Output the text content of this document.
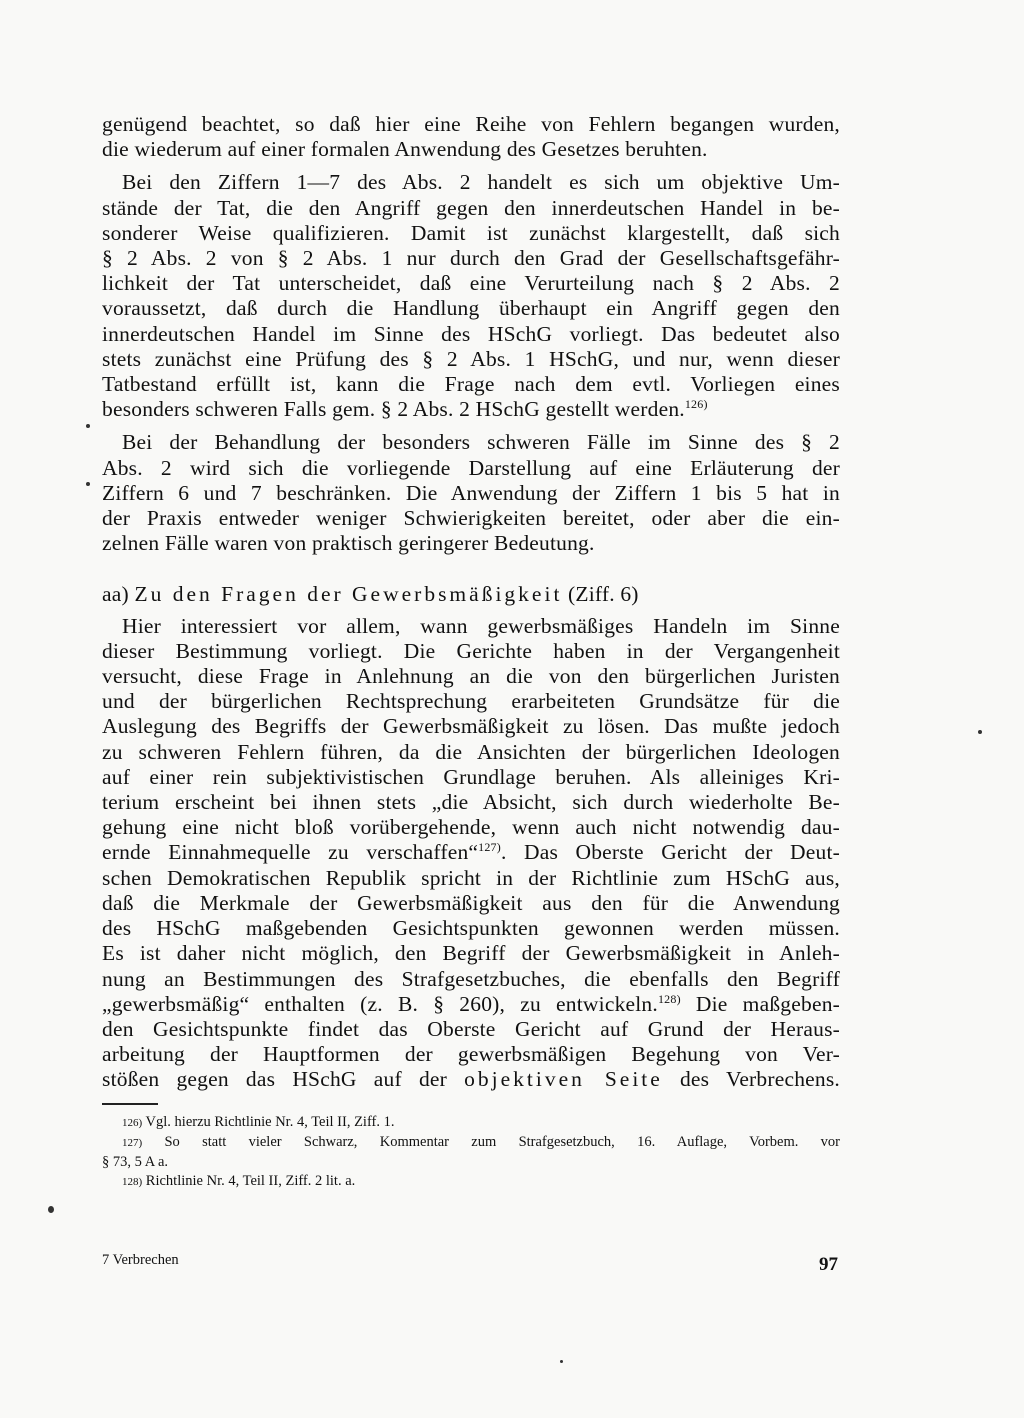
genügend beachtet, so daß hier eine Reihe von Fehlern begangen wurden,
die wiederum auf einer formalen Anwendung des Gesetzes beruhten.

Bei den Ziffern 1—7 des Abs. 2 handelt es sich um objektive Um-
stände der Tat, die den Angriff gegen den innerdeutschen Handel in be-
sonderer Weise qualifizieren. Damit ist zunächst klargestellt, daß sich
§ 2 Abs. 2 von § 2 Abs. 1 nur durch den Grad der Gesellschaftsgefähr-
lichkeit der Tat unterscheidet, daß eine Verurteilung nach § 2 Abs. 2
voraussetzt, daß durch die Handlung überhaupt ein Angriff gegen den
innerdeutschen Handel im Sinne des HSchG vorliegt. Das bedeutet also
stets zunächst eine Prüfung des § 2 Abs. 1 HSchG, und nur, wenn dieser
Tatbestand erfüllt ist, kann die Frage nach dem evtl. Vorliegen eines
besonders schweren Falls gem. § 2 Abs. 2 HSchG gestellt werden.$^{126)}$

Bei der Behandlung der besonders schweren Fälle im Sinne des § 2
Abs. 2 wird sich die vorliegende Darstellung auf eine Erläuterung der
Ziffern 6 und 7 beschränken. Die Anwendung der Ziffern 1 bis 5 hat in
der Praxis entweder weniger Schwierigkeiten bereitet, oder aber die ein-
zelnen Fälle waren von praktisch geringerer Bedeutung.

aa) Zu den Fragen der Gewerbsmäßigkeit (Ziff. 6)

Hier interessiert vor allem, wann gewerbsmäßiges Handeln im Sinne
dieser Bestimmung vorliegt. Die Gerichte haben in der Vergangenheit
versucht, diese Frage in Anlehnung an die von den bürgerlichen Juristen
und der bürgerlichen Rechtsprechung erarbeiteten Grundsätze für die
Auslegung des Begriffs der Gewerbsmäßigkeit zu lösen. Das mußte jedoch
zu schweren Fehlern führen, da die Ansichten der bürgerlichen Ideologen
auf einer rein subjektivistischen Grundlage beruhen. Als alleiniges Kri-
terium erscheint bei ihnen stets „die Absicht, sich durch wiederholte Be-
gehung eine nicht bloß vorübergehende, wenn auch nicht notwendig dau-
ernde Einnahmequelle zu verschaffen“$^{127)}$. Das Oberste Gericht der Deut-
schen Demokratischen Republik spricht in der Richtlinie zum HSchG aus,
daß die Merkmale der Gewerbsmäßigkeit aus den für die Anwendung
des HSchG maßgebenden Gesichtspunkten gewonnen werden müssen.
Es ist daher nicht möglich, den Begriff der Gewerbsmäßigkeit in Anleh-
nung an Bestimmungen des Strafgesetzbuches, die ebenfalls den Begriff
„gewerbsmäßig“ enthalten (z. B. § 260), zu entwickeln.$^{128)}$ Die maßgeben-
den Gesichtspunkte findet das Oberste Gericht auf Grund der Heraus-
arbeitung der Hauptformen der gewerbsmäßigen Begehung von Ver-
stößen gegen das HSchG auf der objektiven Seite des Verbrechens.

126) Vgl. hierzu Richtlinie Nr. 4, Teil II, Ziff. 1.
127) So statt vieler Schwarz, Kommentar zum Strafgesetzbuch, 16. Auflage, Vorbem. vor
§ 73, 5 A a.
128) Richtlinie Nr. 4, Teil II, Ziff. 2 lit. a.
7 Verbrechen	97
